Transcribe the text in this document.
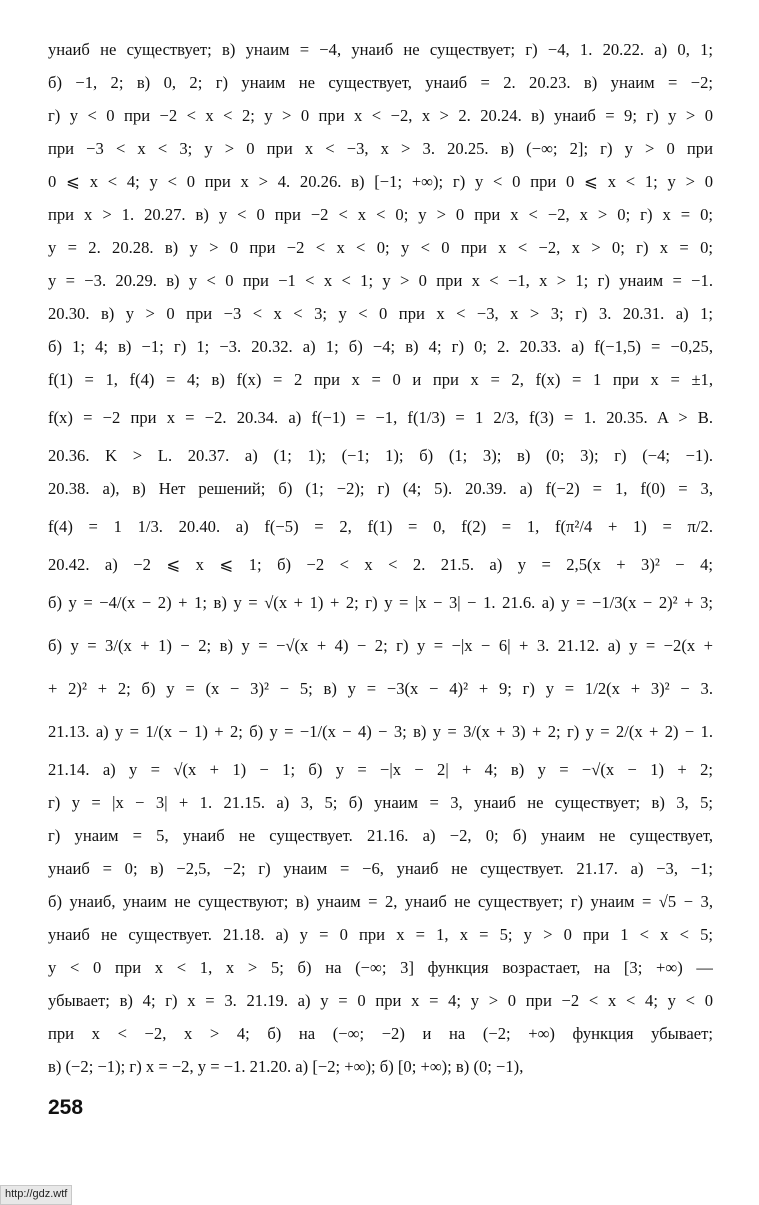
yнаиб не существует; в) yнаим = −4, yнаиб не существует; г) −4, 1. 20.22. а) 0, 1;
б) −1, 2; в) 0, 2; г) yнаим не существует, yнаиб = 2. 20.23. в) yнаим = −2;
г) y < 0 при −2 < x < 2; y > 0 при x < −2, x > 2. 20.24. в) yнаиб = 9; г) y > 0
при −3 < x < 3; y > 0 при x < −3, x > 3. 20.25. в) (−∞; 2]; г) y > 0 при
0 ⩽ x < 4; y < 0 при x > 4. 20.26. в) [−1; +∞); г) y < 0 при 0 ⩽ x < 1; y > 0
при x > 1. 20.27. в) y < 0 при −2 < x < 0; y > 0 при x < −2, x > 0; г) x = 0;
y = 2. 20.28. в) y > 0 при −2 < x < 0; y < 0 при x < −2, x > 0; г) x = 0;
y = −3. 20.29. в) y < 0 при −1 < x < 1; y > 0 при x < −1, x > 1; г) yнаим = −1.
20.30. в) y > 0 при −3 < x < 3; y < 0 при x < −3, x > 3; г) 3. 20.31. а) 1;
б) 1; 4; в) −1; г) 1; −3. 20.32. а) 1; б) −4; в) 4; г) 0; 2. 20.33. а) f(−1,5) = −0,25,
f(1) = 1, f(4) = 4; в) f(x) = 2 при x = 0 и при x = 2, f(x) = 1 при x = ±1,
f(x) = −2 при x = −2. 20.34. а) f(−1) = −1, f(1/3) = 1 2/3, f(3) = 1. 20.35. A > B.
20.36. K > L. 20.37. а) (1; 1); (−1; 1); б) (1; 3); в) (0; 3); г) (−4; −1).
20.38. а), в) Нет решений; б) (1; −2); г) (4; 5). 20.39. а) f(−2) = 1, f(0) = 3,
f(4) = 1 1/3. 20.40. а) f(−5) = 2, f(1) = 0, f(2) = 1, f(π²/4 + 1) = π/2.
20.42. а) −2 ⩽ x ⩽ 1; б) −2 < x < 2. 21.5. а) y = 2,5(x + 3)² − 4;
б) y = −4/(x − 2) + 1; в) y = √(x + 1) + 2; г) y = |x − 3| − 1. 21.6. а) y = −1/3(x − 2)² + 3;
б) y = 3/(x + 1) − 2; в) y = −√(x + 4) − 2; г) y = −|x − 6| + 3. 21.12. а) y = −2(x +
+ 2)² + 2; б) y = (x − 3)² − 5; в) y = −3(x − 4)² + 9; г) y = 1/2(x + 3)² − 3.
21.13. а) y = 1/(x − 1) + 2; б) y = −1/(x − 4) − 3; в) y = 3/(x + 3) + 2; г) y = 2/(x + 2) − 1.
21.14. а) y = √(x + 1) − 1; б) y = −|x − 2| + 4; в) y = −√(x − 1) + 2;
г) y = |x − 3| + 1. 21.15. а) 3, 5; б) yнаим = 3, yнаиб не существует; в) 3, 5;
г) yнаим = 5, yнаиб не существует. 21.16. а) −2, 0; б) yнаим не существует,
yнаиб = 0; в) −2,5, −2; г) yнаим = −6, yнаиб не существует. 21.17. а) −3, −1;
б) yнаиб, yнаим не существуют; в) yнаим = 2, yнаиб не существует; г) yнаим = √5 − 3,
yнаиб не существует. 21.18. а) y = 0 при x = 1, x = 5; y > 0 при 1 < x < 5;
y < 0 при x < 1, x > 5; б) на (−∞; 3] функция возрастает, на [3; +∞) —
убывает; в) 4; г) x = 3. 21.19. а) y = 0 при x = 4; y > 0 при −2 < x < 4; y < 0
при x < −2, x > 4; б) на (−∞; −2) и на (−2; +∞) функция убывает;
в) (−2; −1); г) x = −2, y = −1. 21.20. а) [−2; +∞); б) [0; +∞); в) (0; −1),
258
http://gdz.wtf
